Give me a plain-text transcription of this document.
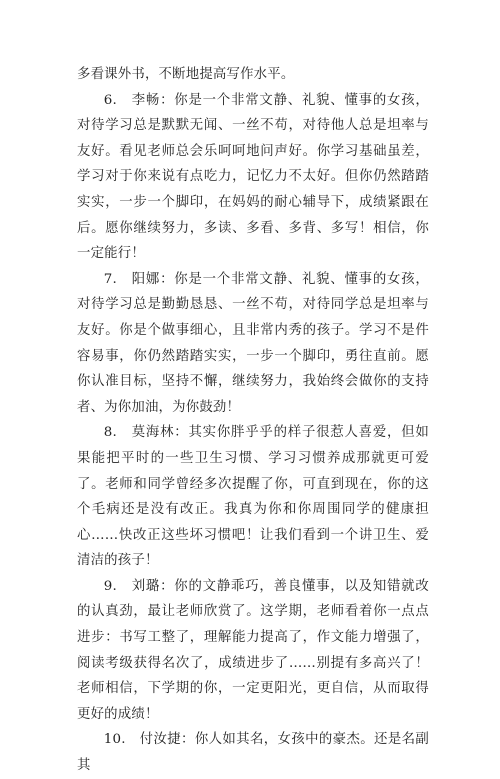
多看课外书，不断地提高写作水平。

6.　李畅：你是一个非常文静、礼貌、懂事的女孩，对待学习总是默默无闻、一丝不苟，对待他人总是坦率与友好。看见老师总会乐呵呵地问声好。你学习基础虽差，学习对于你来说有点吃力，记忆力不太好。但你仍然踏踏实实，一步一个脚印，在妈妈的耐心辅导下，成绩紧跟在后。愿你继续努力，多读、多看、多背、多写！相信，你一定能行！

7.　阳娜：你是一个非常文静、礼貌、懂事的女孩，对待学习总是勤勤恳恳、一丝不苟，对待同学总是坦率与友好。你是个做事细心，且非常内秀的孩子。学习不是件容易事，你仍然踏踏实实，一步一个脚印，勇往直前。愿你认准目标，坚持不懈，继续努力，我始终会做你的支持者、为你加油，为你鼓劲！

8.　莫海林：其实你胖乎乎的样子很惹人喜爱，但如果能把平时的一些卫生习惯、学习习惯养成那就更可爱了。老师和同学曾经多次提醒了你，可直到现在，你的这个毛病还是没有改正。我真为你和你周围同学的健康担心……快改正这些坏习惯吧！让我们看到一个讲卫生、爱清洁的孩子！

9.　刘璐：你的文静乖巧，善良懂事，以及知错就改的认真劲，最让老师欣赏了。这学期，老师看着你一点点进步：书写工整了，理解能力提高了，作文能力增强了，阅读考级获得名次了，成绩进步了……别提有多高兴了！老师相信，下学期的你，一定更阳光，更自信，从而取得更好的成绩！

10.　付汝捷：你人如其名，女孩中的豪杰。还是名副其
